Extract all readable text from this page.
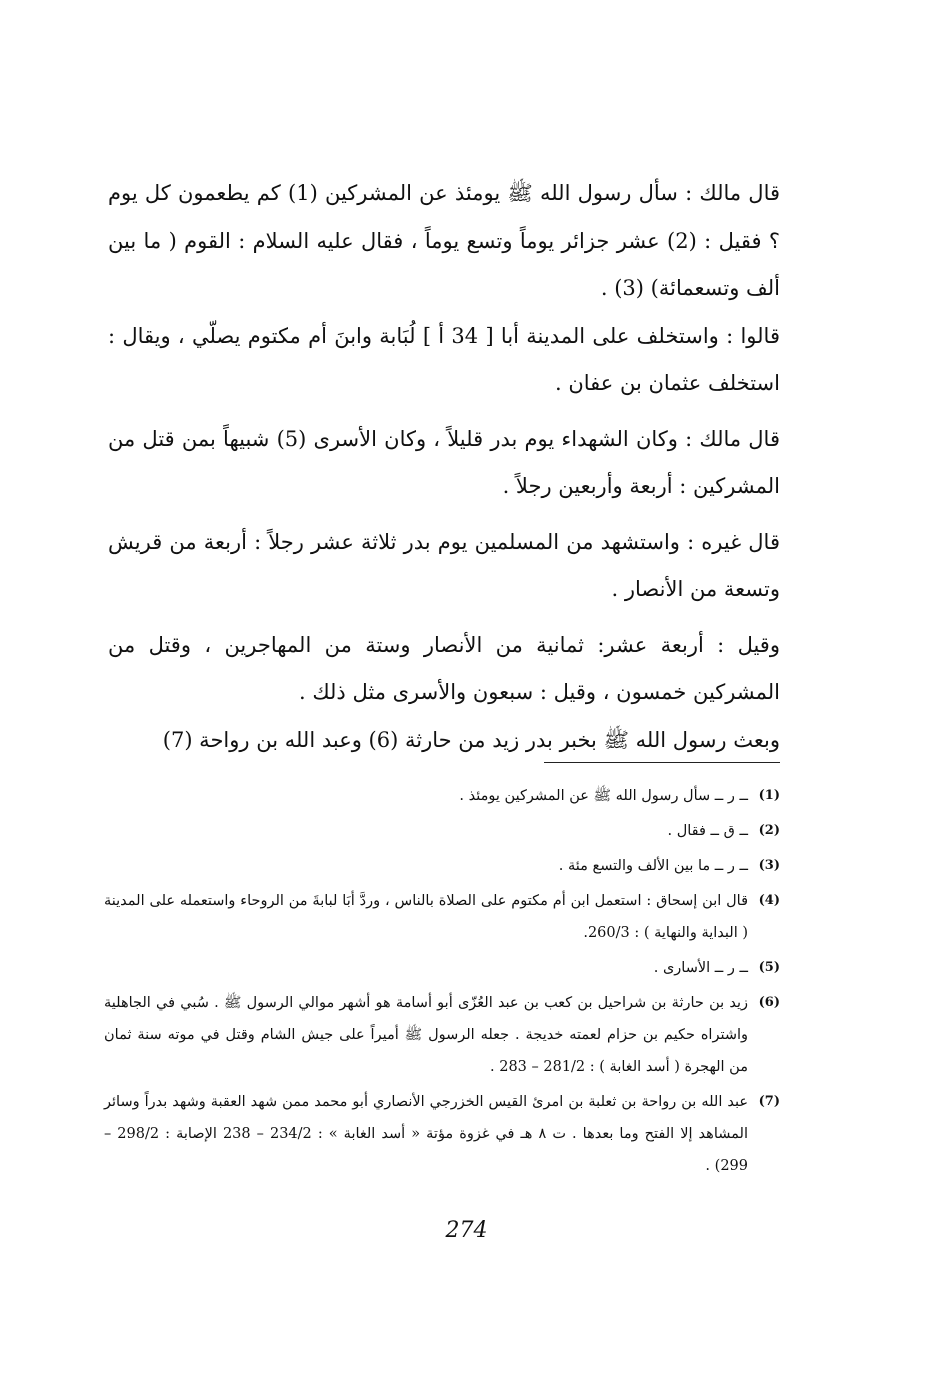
قال مالك : سأل رسول الله ﷺ يومئذ عن المشركين (1) كم يطعمون كل يوم ؟ فقيل : (2) عشر جزائر يوماً وتسع يوماً ، فقال عليه السلام : القوم ( ما بين ألف وتسعمائة) (3) .

قالوا : واستخلف على المدينة أبا [ 34 أ ] لُبَابة وابنَ أم مكتوم يصلّي ، ويقال : استخلف عثمان بن عفان .

قال مالك : وكان الشهداء يوم بدر قليلاً ، وكان الأسرى (5) شبيهاً بمن قتل من المشركين : أربعة وأربعين رجلاً .

قال غيره : واستشهد من المسلمين يوم بدر ثلاثة عشر رجلاً : أربعة من قريش وتسعة من الأنصار .

وقيل : أربعة عشر: ثمانية من الأنصار وستة من المهاجرين ، وقتل من المشركين خمسون ، وقيل : سبعون والأسرى مثل ذلك .

وبعث رسول الله ﷺ بخبر بدر زيد من حارثة (6) وعبد الله بن رواحة (7)

(1)
ــ ر ــ سأل رسول الله ﷺ عن المشركين يومئذ .
(2)
ــ ق ــ فقال .
(3)
ــ ر ــ ما بين الألف والتسع مئة .
(4)
قال ابن إسحاق : استعمل ابن أم مكتوم على الصلاة بالناس ، وردَّ أبَا لبابةَ من الروحاء واستعمله على المدينة ( البداية والنهاية ) : 260/3.
(5)
ــ ر ــ الأسارى .
(6)
زيد بن حارثة بن شراحيل بن كعب بن عبد العُزّى أبو أسامة هو أشهر موالي الرسول ﷺ . سُبي في الجاهلية واشتراه حكيم بن حزام لعمته خديجة . جعله الرسول ﷺ أميراً على جيش الشام وقتل في موته سنة ثمان من الهجرة ( أسد الغابة ) : 281/2 – 283 .
(7)
عبد الله بن رواحة بن ثعلبة بن امرئ القيس الخزرجي الأنصاري أبو محمد ممن شهد العقبة وشهد بدراً وسائر المشاهد إلا الفتح وما بعدها . ت ٨ هـ في غزوة مؤتة « أسد الغابة » : 234/2 – 238 الإصابة : 298/2 – 299) .
274
